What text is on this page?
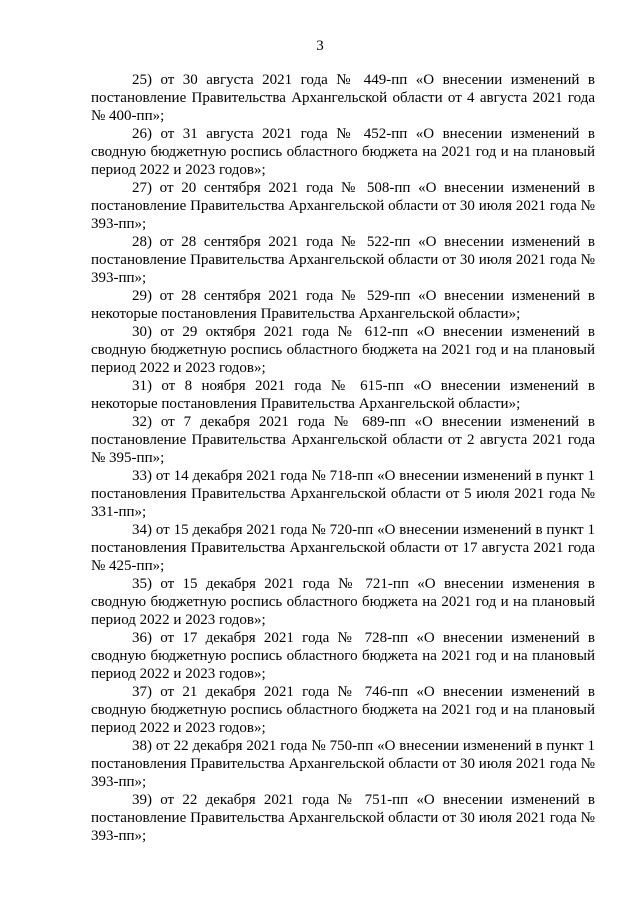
3

25) от 30 августа 2021 года № 449-пп «О внесении изменений в постановление Правительства Архангельской области от 4 августа 2021 года № 400-пп»;

26) от 31 августа 2021 года № 452-пп «О внесении изменений в сводную бюджетную роспись областного бюджета на 2021 год и на плановый период 2022 и 2023 годов»;

27) от 20 сентября 2021 года № 508-пп «О внесении изменений в постановление Правительства Архангельской области от 30 июля 2021 года № 393-пп»;

28) от 28 сентября 2021 года № 522-пп «О внесении изменений в постановление Правительства Архангельской области от 30 июля 2021 года № 393-пп»;

29) от 28 сентября 2021 года № 529-пп «О внесении изменений в некоторые постановления Правительства Архангельской области»;

30) от 29 октября 2021 года № 612-пп «О внесении изменений в сводную бюджетную роспись областного бюджета на 2021 год и на плановый период 2022 и 2023 годов»;

31) от 8 ноября 2021 года № 615-пп «О внесении изменений в некоторые постановления Правительства Архангельской области»;

32) от 7 декабря 2021 года № 689-пп «О внесении изменений в постановление Правительства Архангельской области от 2 августа 2021 года № 395-пп»;

33) от 14 декабря 2021 года № 718-пп «О внесении изменений в пункт 1 постановления Правительства Архангельской области от 5 июля 2021 года № 331-пп»;

34) от 15 декабря 2021 года № 720-пп «О внесении изменений в пункт 1 постановления Правительства Архангельской области от 17 августа 2021 года № 425-пп»;

35) от 15 декабря 2021 года № 721-пп «О внесении изменения в сводную бюджетную роспись областного бюджета на 2021 год и на плановый период 2022 и 2023 годов»;

36) от 17 декабря 2021 года № 728-пп «О внесении изменений в сводную бюджетную роспись областного бюджета на 2021 год и на плановый период 2022 и 2023 годов»;

37) от 21 декабря 2021 года № 746-пп «О внесении изменений в сводную бюджетную роспись областного бюджета на 2021 год и на плановый период 2022 и 2023 годов»;

38) от 22 декабря 2021 года № 750-пп «О внесении изменений в пункт 1 постановления Правительства Архангельской области от 30 июля 2021 года № 393-пп»;

39) от 22 декабря 2021 года № 751-пп «О внесении изменений в постановление Правительства Архангельской области от 30 июля 2021 года № 393-пп»;
